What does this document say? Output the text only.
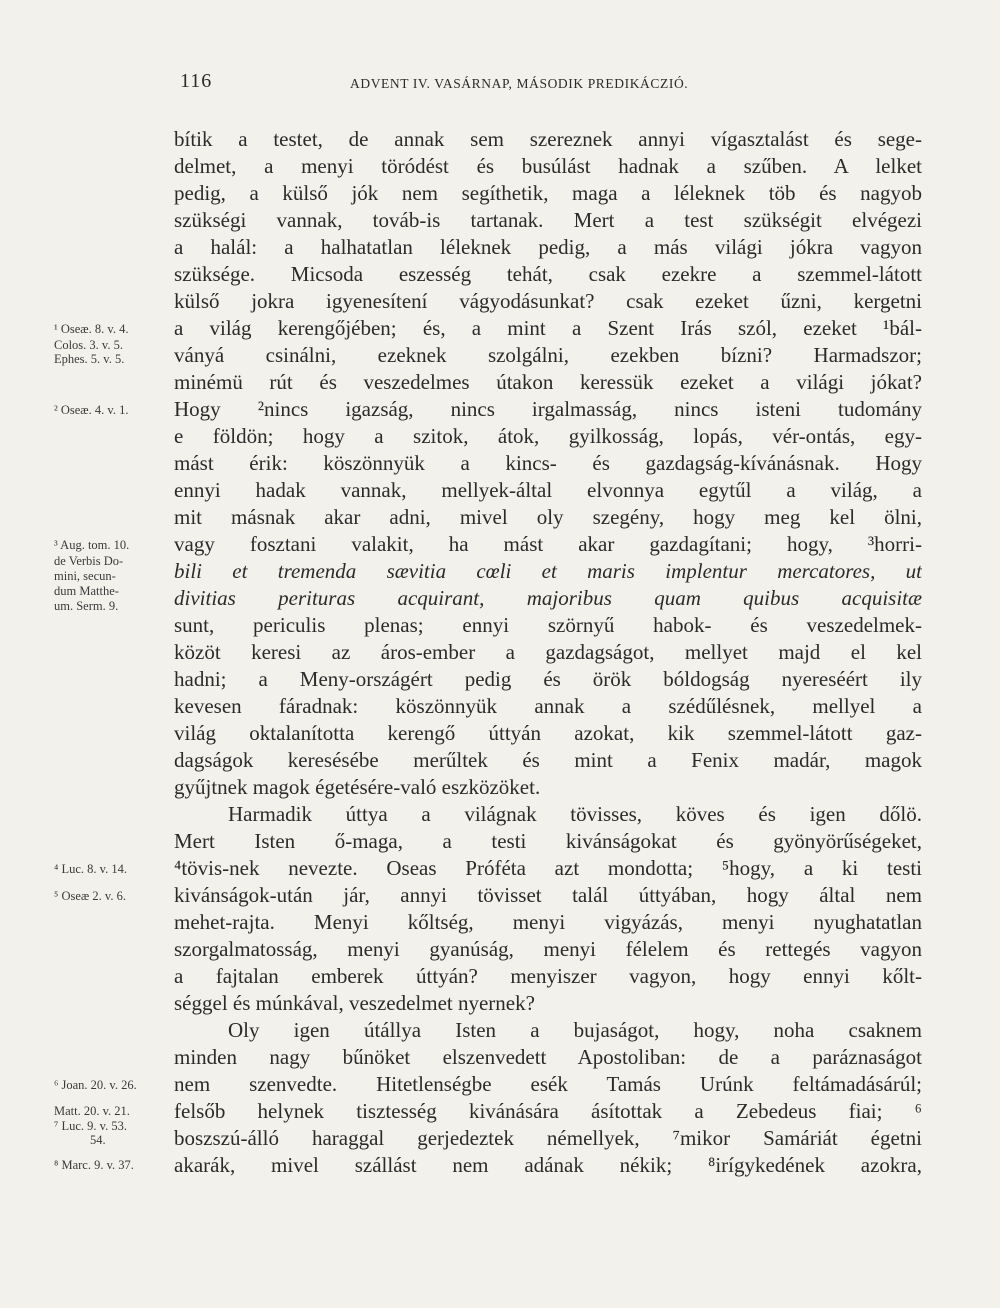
116	ADVENT IV. VASÁRNAP, MÁSODIK PREDIKÁCZIÓ.
bítik a testet, de annak sem szereznek annyi vígasztalást és sege-
delmet, a menyi töródést és busúlást hadnak a szűben. A lelket
pedig, a külső jók nem segíthetik, maga a léleknek töb és nagyob
szükségi vannak, továb-is tartanak. Mert a test szükségit elvégezi
a halál: a halhatatlan léleknek pedig, a más világi jókra vagyon
szüksége. Micsoda eszesség tehát, csak ezekre a szemmel-látott
külső jokra igyenesítení vágyodásunkat? csak ezeket űzni, kergetni
a világ kerengőjében; és, a mint a Szent Irás szól, ezeket ¹bál-
ványá csinálni, ezeknek szolgálni, ezekben bízni? Harmadszor;
minémü rút és veszedelmes útakon keressük ezeket a világi jókat?
Hogy ²nincs igazság, nincs irgalmasság, nincs isteni tudomány
e földön; hogy a szitok, átok, gyilkosság, lopás, vér-ontás, egy-
mást érik: köszönnyük a kincs- és gazdagság-kívánásnak. Hogy
ennyi hadak vannak, mellyek-által elvonnya egytűl a világ, a
mit másnak akar adni, mivel oly szegény, hogy meg kel ölni,
vagy fosztani valakit, ha mást akar gazdagítani; hogy, ³horri-
bili et tremenda sævitia cœli et maris implentur mercatores, ut
divitias perituras acquirant, majoribus quam quibus acquisitæ
sunt, periculis plenas; ennyi szörnyű habok- és veszedelmek-
közöt keresi az áros-ember a gazdagságot, mellyet majd el kel
hadni; a Meny-országért pedig és örök bóldogság nyereséért ily
kevesen fáradnak: köszönnyük annak a szédűlésnek, mellyel a
világ oktalanította kerengő úttyán azokat, kik szemmel-látott gaz-
dagságok keresésébe merűltek és mint a Fenix madár, magok
gyűjtnek magok égetésére-való eszközöket.
Harmadik úttya a világnak tövisses, köves és igen dőlö.
Mert Isten ő-maga, a testi kivánságokat és gyönyörűségeket,
⁴tövis-nek nevezte. Oseas Próféta azt mondotta; ⁵hogy, a ki testi
kivánságok-után jár, annyi tövisset talál úttyában, hogy által nem
mehet-rajta. Menyi kőltség, menyi vigyázás, menyi nyughatatlan
szorgalmatosság, menyi gyanúság, menyi félelem és rettegés vagyon
a fajtalan emberek úttyán? menyiszer vagyon, hogy ennyi kőlt-
séggel és múnkával, veszedelmet nyernek?
Oly igen útállya Isten a bujaságot, hogy, noha csaknem
minden nagy bűnöket elszenvedett Apostoliban: de a paráznaságot
nem szenvedte. Hitetlenségbe esék Tamás Urúnk feltámadásárúl;
felsőb helynek tisztesség kivánására ásítottak a Zebedeus fiai; ⁶
boszszú-álló haraggal gerjedeztek némellyek, ⁷mikor Samáriát égetni
akarák, mivel szállást nem adának nékik; ⁸irígykedének azokra,
¹ Oseæ. 8. v. 4.
Colos. 3. v. 5.
Ephes. 5. v. 5.
² Oseæ. 4. v. 1.
³ Aug. tom. 10.
de Verbis Do-
mini, secun-
dum Matthe-
um. Serm. 9.
⁴ Luc. 8. v. 14.
⁵ Oseæ 2. v. 6.
⁶ Joan. 20. v. 26.
Matt. 20. v. 21.
⁷ Luc. 9. v. 53.
54.
⁸ Marc. 9. v. 37.
